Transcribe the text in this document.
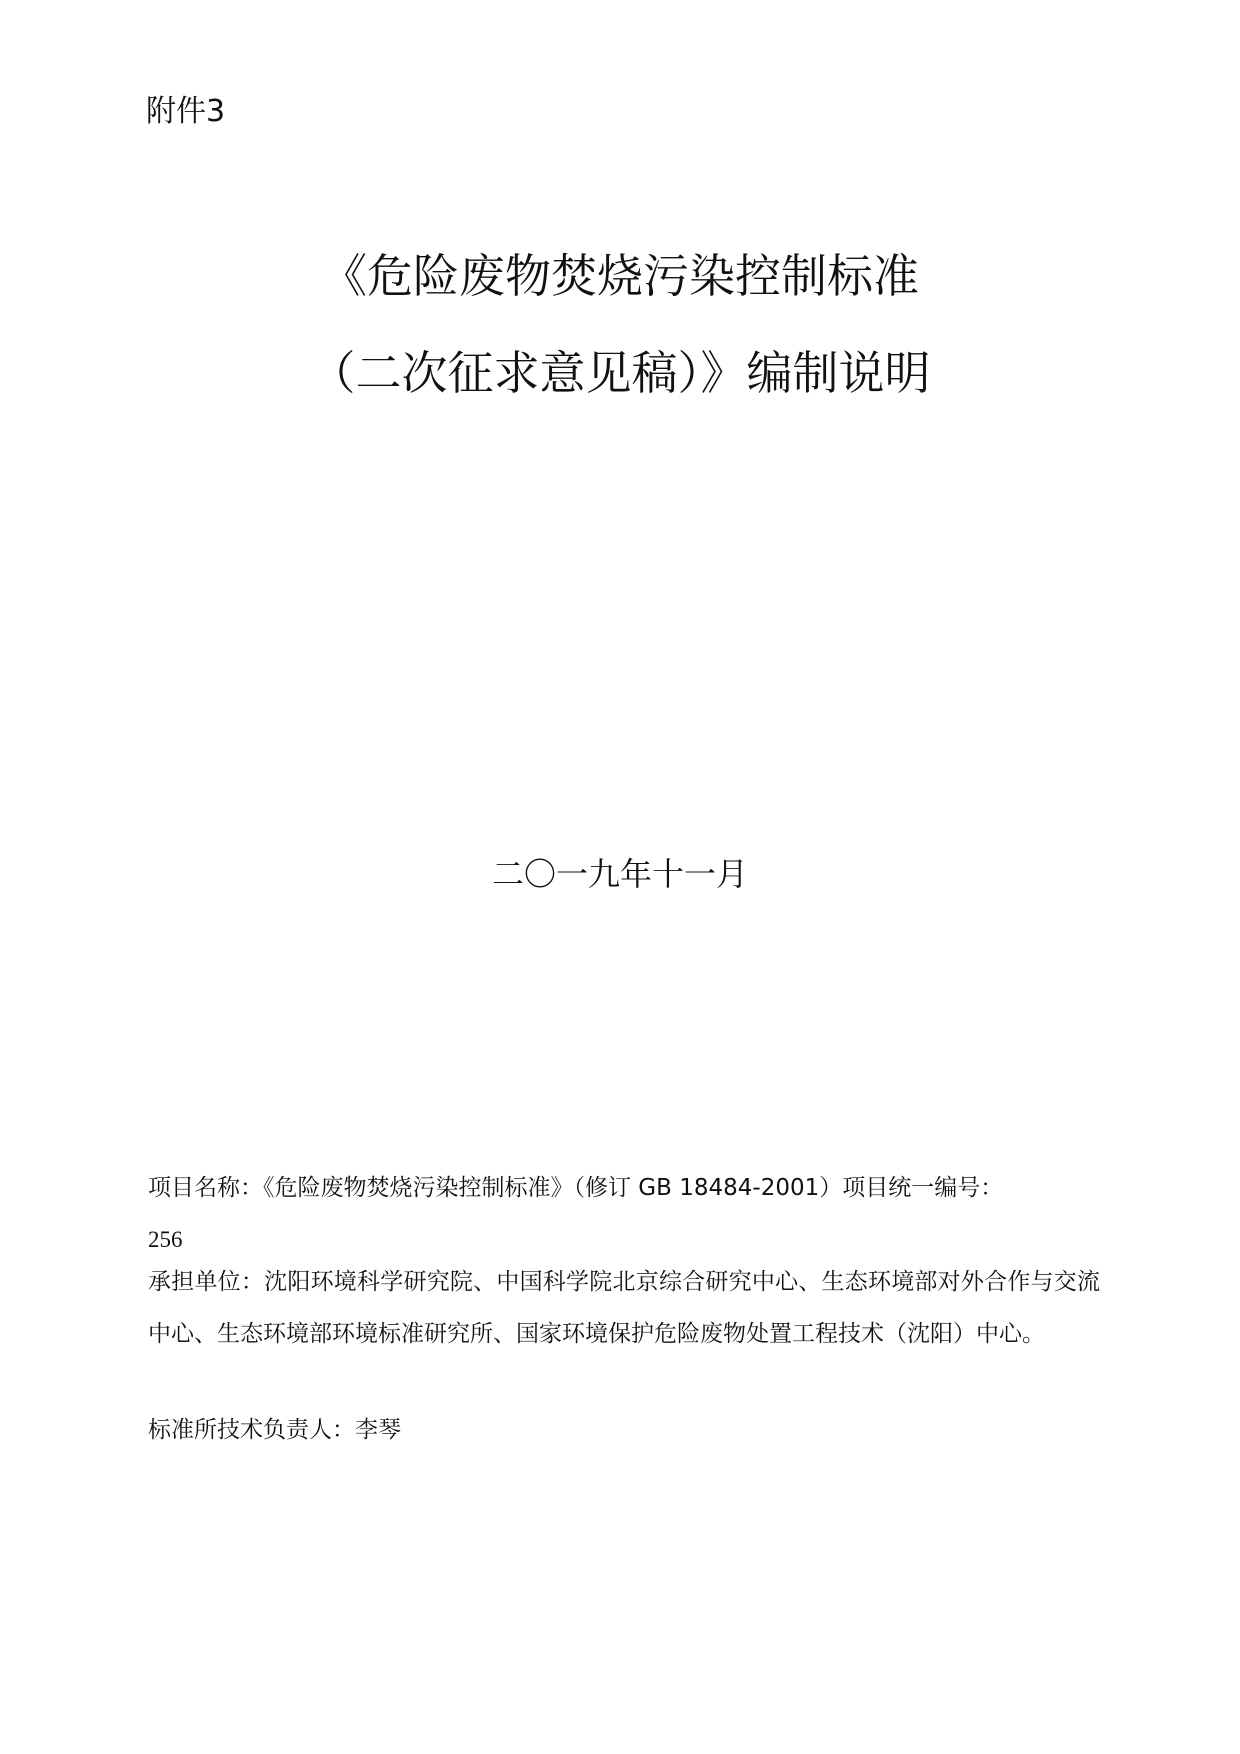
附件3
《危险废物焚烧污染控制标准
（二次征求意见稿）》编制说明
二〇一九年十一月

项目名称：《危险废物焚烧污染控制标准》（修订 GB 18484-2001）项目统一编号：
256

承担单位：沈阳环境科学研究院、中国科学院北京综合研究中心、生态环境部对外合作与交流中心、生态环境部环境标准研究所、国家环境保护危险废物处置工程技术（沈阳）中心。

标准所技术负责人：李琴
